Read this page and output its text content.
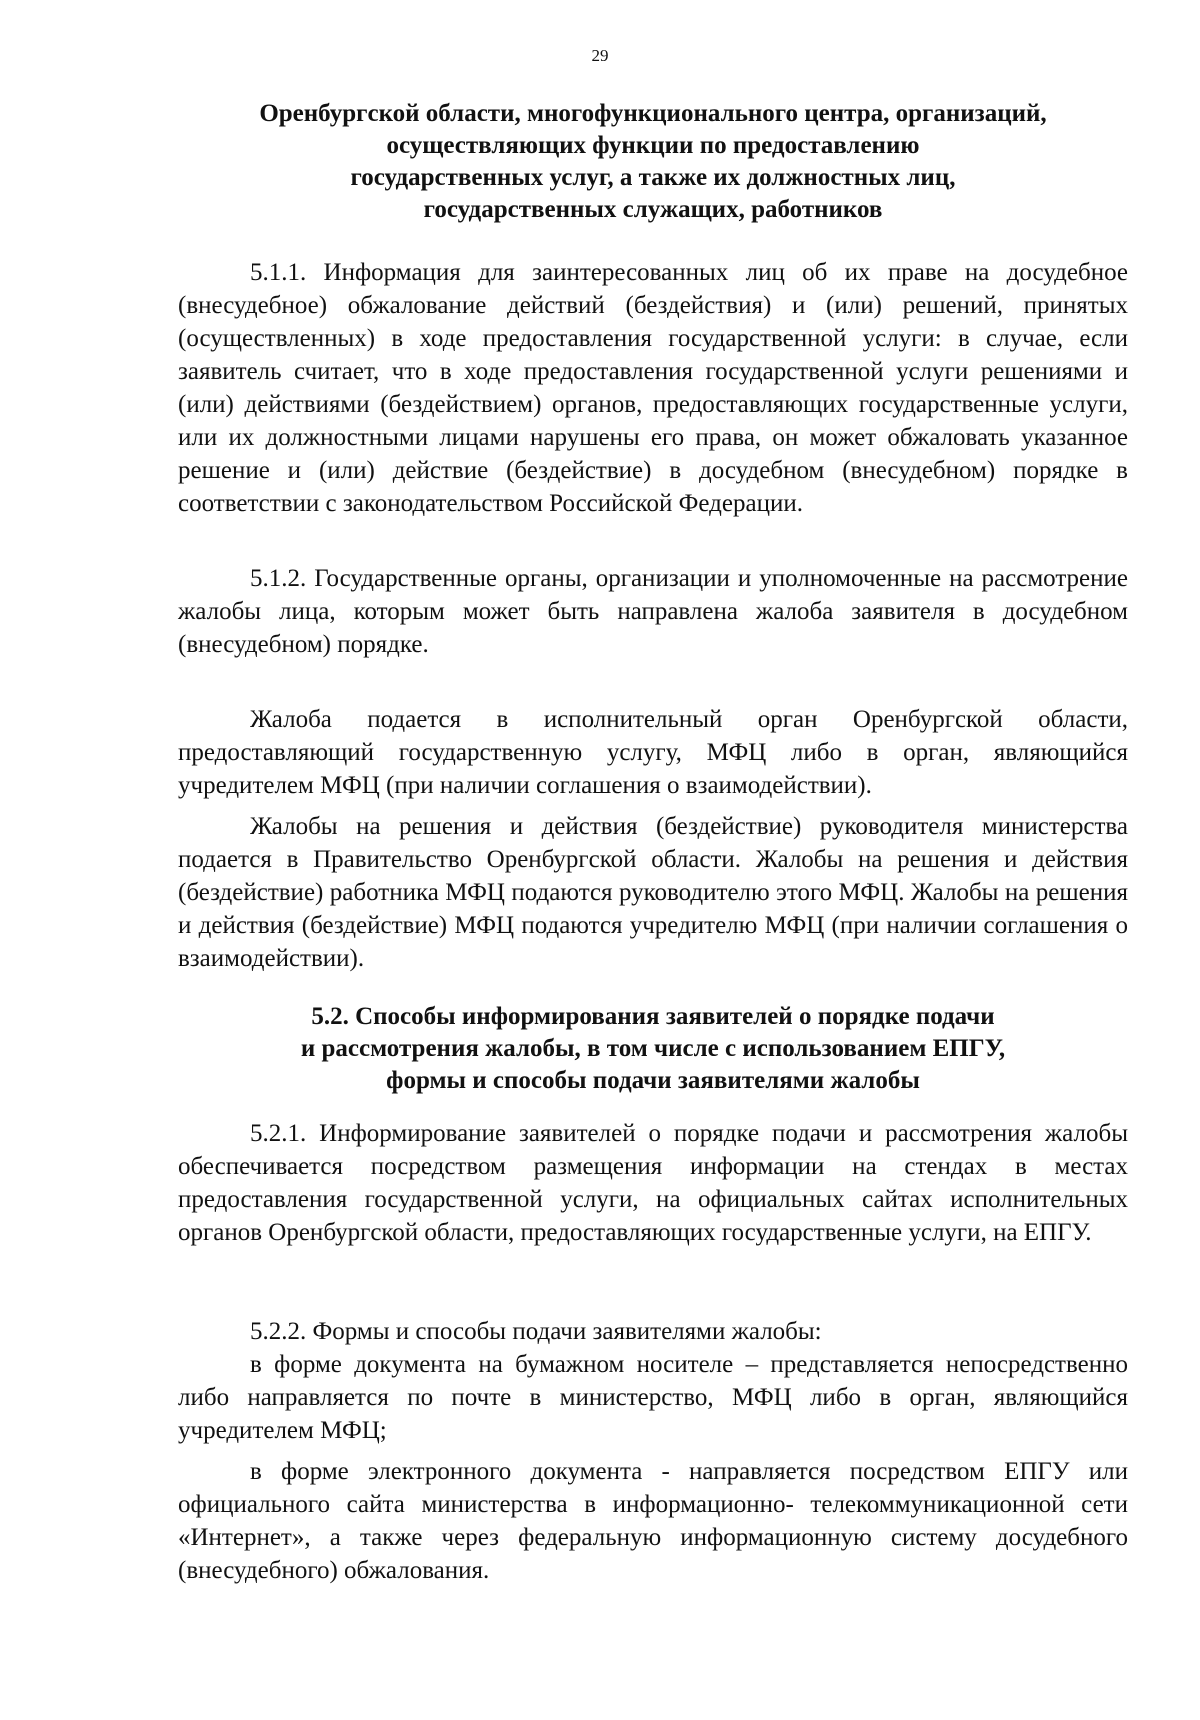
29
Оренбургской области, многофункционального центра, организаций,
осуществляющих функции по предоставлению
государственных услуг, а также их должностных лиц,
государственных служащих, работников

5.1.1. Информация для заинтересованных лиц об их праве на досудебное (внесудебное) обжалование действий (бездействия) и (или) решений, принятых (осуществленных) в ходе предоставления государственной услуги: в случае, если заявитель считает, что в ходе предоставления государственной услуги решениями и (или) действиями (бездействием) органов, предоставляющих государственные услуги, или их должностными лицами нарушены его права, он может обжаловать указанное решение и (или) действие (бездействие) в досудебном (внесудебном) порядке в соответствии с законодательством Российской Федерации.

5.1.2. Государственные органы, организации и уполномоченные на рассмотрение жалобы лица, которым может быть направлена жалоба заявителя в досудебном (внесудебном) порядке.

Жалоба подается в исполнительный орган Оренбургской области, предоставляющий государственную услугу, МФЦ либо в орган, являющийся учредителем МФЦ (при наличии соглашения о взаимодействии).

Жалобы на решения и действия (бездействие) руководителя министерства подается в Правительство Оренбургской области. Жалобы на решения и действия (бездействие) работника МФЦ подаются руководителю этого МФЦ. Жалобы на решения и действия (бездействие) МФЦ подаются учредителю МФЦ (при наличии соглашения о взаимодействии).

5.2. Способы информирования заявителей о порядке подачи
и рассмотрения жалобы, в том числе с использованием ЕПГУ,
формы и способы подачи заявителями жалобы

5.2.1. Информирование заявителей о порядке подачи и рассмотрения жалобы обеспечивается посредством размещения информации на стендах в местах предоставления государственной услуги, на официальных сайтах исполнительных органов Оренбургской области, предоставляющих государственные услуги, на ЕПГУ.

5.2.2. Формы и способы подачи заявителями жалобы:

в форме документа на бумажном носителе – представляется непосредственно либо направляется по почте в министерство, МФЦ либо в орган, являющийся учредителем МФЦ;

в форме электронного документа - направляется посредством ЕПГУ или официального сайта министерства в информационно- телекоммуникационной сети «Интернет», а также через федеральную информационную систему досудебного (внесудебного) обжалования.
